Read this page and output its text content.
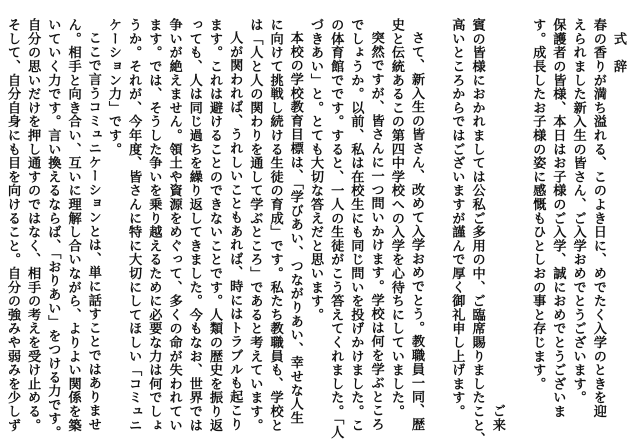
式　辞
春の香りが満ち溢れる、このよき日に、めでたく入学のときを迎
えられました新入生の皆さん、ご入学おめでとうございます。
保護者の皆様、本日はお子様のご入学、誠におめでとうございま
す。成長したお子様の姿に感慨もひとしおの事と存じます。
ご来
賓の皆様におかれましては公私ご多用の中、ご臨席賜りましたこと、
高いところからではございますが謹んで厚く御礼申し上げます。
さて、新入生の皆さん、改めて入学おめでとう。教職員一同、歴
史と伝統あるこの第四中学校への入学を心待ちにしていました。
突然ですが、皆さんに一つ問いかけます。学校は何を学ぶところ
でしょうか。以前、私は在校生にも同じ問いを投げかけました。こ
の体育館でです。すると、一人の生徒がこう答えてくれました。「人
づきあい」と。とても大切な答えだと思います。
本校の学校教育目標は、「学びあい、つながりあい、幸せな人生
に向けて挑戦し続ける生徒の育成」です。私たち教職員も、学校と
は「人と人の関わりを通して学ぶところ」であると考えています。
人が関われば、うれしいこともあれば、時にはトラブルも起こり
ます。これは避けることのできないことです。人類の歴史を振り返
っても、人は同じ過ちを繰り返してきました。今もなお、世界では
争いが絶えません。領土や資源をめぐって、多くの命が失われてい
ます。では、そうした争いを乗り越えるために必要な力は何でしょ
うか。それが、今年度、皆さんに特に大切にしてほしい「コミュニ
ケーション力」です。
ここで言うコミュニケーションとは、単に話すことではありませ
ん。相手と向き合い、互いに理解し合いながら、よりよい関係を築
いていく力です。言い換えるならば、「おりあい」をつける力です。
自分の思いだけを押し通すのではなく、相手の考えを受け止める。
そして、自分自身にも目を向けること。自分の強みや弱みを少しず
